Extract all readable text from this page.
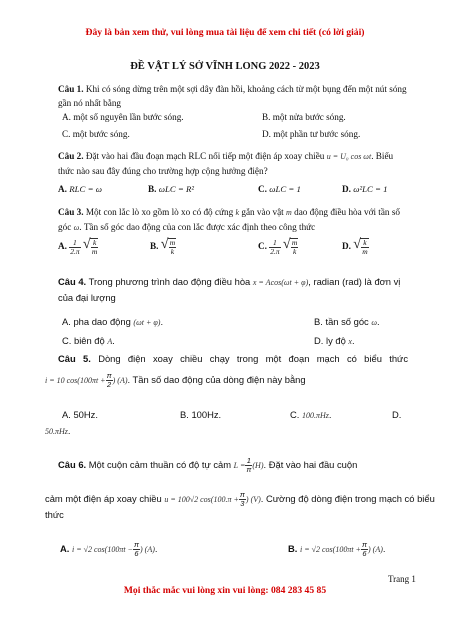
Đây là bản xem thử, vui lòng mua tài liệu để xem chi tiết (có lời giải)
ĐỀ VẬT LÝ SỞ VĨNH LONG 2022 - 2023
Câu 1. Khi có sóng dừng trên một sợi dây đàn hồi, khoảng cách từ một bụng đến một nút sóng gần nó nhất bằng
A. một số nguyên lần bước sóng.	B. một nửa bước sóng.
C. một bước sóng.	D. một phần tư bước sóng.
Câu 2. Đặt vào hai đầu đoạn mạch RLC nối tiếp một điện áp xoay chiều u = U₀ cos ωt. Biểu thức nào sau đây đúng cho trường hợp cộng hưởng điện?
A. RLC = ω	B. ωLC = R²	C. ωLC = 1	D. ω²LC = 1
Câu 3. Một con lắc lò xo gồm lò xo có độ cứng k gắn vào vật m dao động điều hòa với tần số góc ω. Tần số góc dao động của con lắc được xác định theo công thức
A. $\frac{1}{2.\pi}$
√ $\frac{k}{m}$	B. √ $\frac{m}{k}$	C. $\frac{1}{2.\pi}$
√ $\frac{m}{k}$	D. √ $\frac{k}{m}$
Câu 4. Trong phương trình dao động điều hòa x = Acos(ωt + φ), radian (rad) là đơn vị của đại lượng
A. pha dao động (ωt + φ).	B. tần số góc ω.
C. biên độ A.	D. ly độ x.
Câu 5. Dòng điện xoay chiều chạy trong một đoạn mạch có biểu thức
i = 10 $\cos(100\pi t + \frac{\pi}{2}$ ) (A). Tần số dao động của dòng điện này bằng
A. 50Hz.	B. 100Hz.	C. 100.πHz.	D.
50.πHz.
Câu 6. Một cuộn cảm thuần có độ tự cảm $L = \frac{1}{\pi} (H)$. Đặt vào hai đầu cuộn
cảm một điện áp xoay chiều u = 100√2 $\cos(100.\pi + \frac{\pi}{3}$ ) (V). Cường độ dòng điện trong mạch có biểu thức
A. i = √2 $\cos(100\pi t - \frac{\pi}{6}$ ) (A).	B. i = √2 $\cos(100\pi t + \frac{\pi}{6}$ ) (A).
Trang 1
Mọi thắc mắc vui lòng xin vui lòng: 084 283 45 85
